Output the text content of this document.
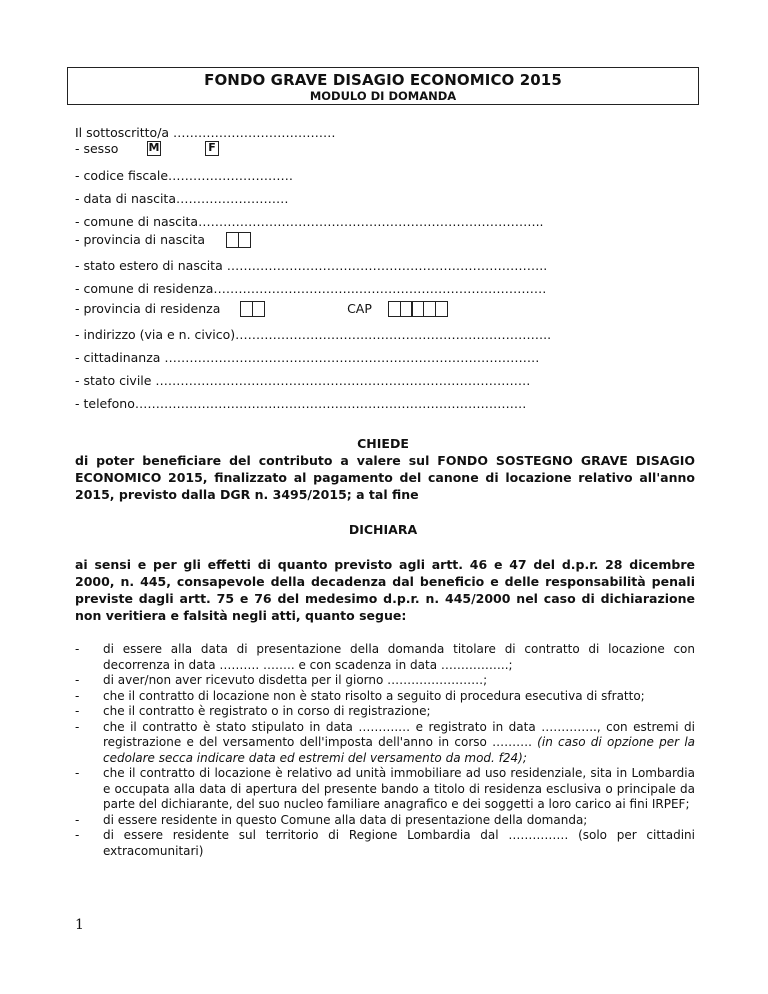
FONDO GRAVE DISAGIO ECONOMICO 2015
MODULO DI DOMANDA
Il sottoscritto/a …………………………………
- sesso	M	F
- codice fiscale…………………………
- data di nascita………………………
- comune di nascita………………………………………………………………………..
- provincia di nascita
- stato estero di nascita …………………………………………………………………..
- comune di residenza……………………………..………………………………………
- provincia di residenza	CAP
- indirizzo (via e n. civico)…………………………..……………………………………..
- cittadinanza ………………………………………………………………………………
- stato civile ………………………………………………………………………………
- telefono…………………………….……………………………………………………
CHIEDE
di poter beneficiare del contributo a valere sul FONDO SOSTEGNO GRAVE DISAGIO ECONOMICO 2015, finalizzato al pagamento del canone di locazione relativo all'anno 2015, previsto dalla DGR n. 3495/2015; a tal fine
DICHIARA
ai sensi e per gli effetti di quanto previsto agli artt. 46 e 47 del d.p.r. 28 dicembre 2000, n. 445, consapevole della decadenza dal beneficio e delle responsabilità penali previste dagli artt. 75 e 76 del medesimo d.p.r. n. 445/2000 nel caso di dichiarazione non veritiera e falsità negli atti, quanto segue:
- di essere alla data di presentazione della domanda titolare di contratto di locazione con decorrenza in data ………. …….. e con scadenza in data ……………..;
- di aver/non aver ricevuto disdetta per il giorno ……………………;
- che il contratto di locazione non è stato risolto a seguito di procedura esecutiva di sfratto;
- che il contratto è registrato o in corso di registrazione;
- che il contratto è stato stipulato in data ……….… e registrato in data ………….., con estremi di registrazione e del versamento dell'imposta dell'anno in corso ………. (in caso di opzione per la cedolare secca indicare data ed estremi del versamento da mod. f24);
- che il contratto di locazione è relativo ad unità immobiliare ad uso residenziale, sita in Lombardia e occupata alla data di apertura del presente bando a titolo di residenza esclusiva o principale da parte del dichiarante, del suo nucleo familiare anagrafico e dei soggetti a loro carico ai fini IRPEF;
- di essere residente in questo Comune alla data di presentazione della domanda;
- di essere residente sul territorio di Regione Lombardia dal …………… (solo per cittadini extracomunitari)
1
